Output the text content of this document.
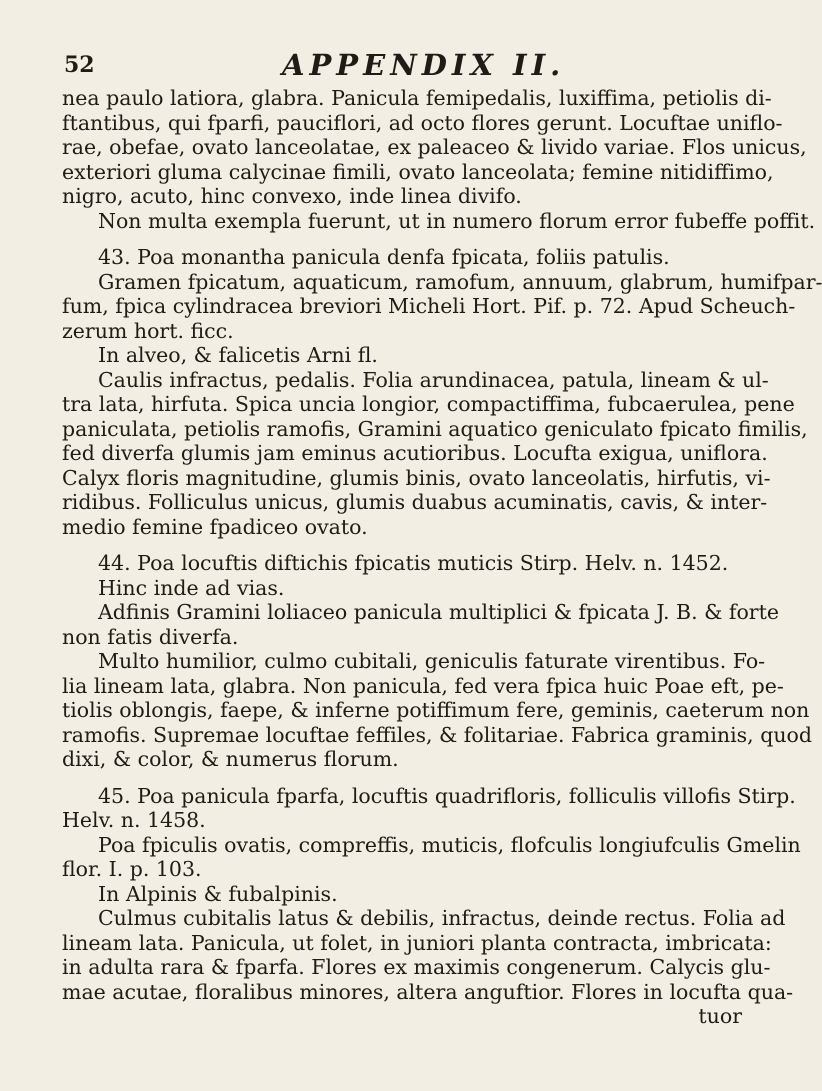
52	APPENDIX II.
nea paulo latiora, glabra. Panicula femipedalis, luxiffima, petiolis di-
ftantibus, qui fparfi, pauciflori, ad octo flores gerunt. Locuftae uniflo-
rae, obefae, ovato lanceolatae, ex paleaceo & livido variae. Flos unicus,
exteriori gluma calycinae fimili, ovato lanceolata; femine nitidiffimo,
nigro, acuto, hinc convexo, inde linea divifo.
Non multa exempla fuerunt, ut in numero florum error fubeffe poffit.
43. Poa monantha panicula denfa fpicata, foliis patulis.
Gramen fpicatum, aquaticum, ramofum, annuum, glabrum, humifpar-
fum, fpica cylindracea breviori Micheli Hort. Pif. p. 72. Apud Scheuch-
zerum hort. ficc.
In alveo, & falicetis Arni fl.
Caulis infractus, pedalis. Folia arundinacea, patula, lineam & ul-
tra lata, hirfuta. Spica uncia longior, compactiffima, fubcaerulea, pene
paniculata, petiolis ramofis, Gramini aquatico geniculato fpicato fimilis,
fed diverfa glumis jam eminus acutioribus. Locufta exigua, uniflora.
Calyx floris magnitudine, glumis binis, ovato lanceolatis, hirfutis, vi-
ridibus. Folliculus unicus, glumis duabus acuminatis, cavis, & inter-
medio femine fpadiceo ovato.
44. Poa locuftis diftichis fpicatis muticis Stirp. Helv. n. 1452.
Hinc inde ad vias.
Adfinis Gramini loliaceo panicula multiplici & fpicata J. B. & forte
non fatis diverfa.
Multo humilior, culmo cubitali, geniculis faturate virentibus. Fo-
lia lineam lata, glabra. Non panicula, fed vera fpica huic Poae eft, pe-
tiolis oblongis, faepe, & inferne potiffimum fere, geminis, caeterum non
ramofis. Supremae locuftae feffiles, & folitariae. Fabrica graminis, quod
dixi, & color, & numerus florum.
45. Poa panicula fparfa, locuftis quadrifloris, folliculis villofis Stirp.
Helv. n. 1458.
Poa fpiculis ovatis, compreffis, muticis, flofculis longiufculis Gmelin
flor. I. p. 103.
In Alpinis & fubalpinis.
Culmus cubitalis latus & debilis, infractus, deinde rectus. Folia ad
lineam lata. Panicula, ut folet, in juniori planta contracta, imbricata:
in adulta rara & fparfa. Flores ex maximis congenerum. Calycis glu-
mae acutae, floralibus minores, altera anguftior. Flores in locufta qua-
tuor
